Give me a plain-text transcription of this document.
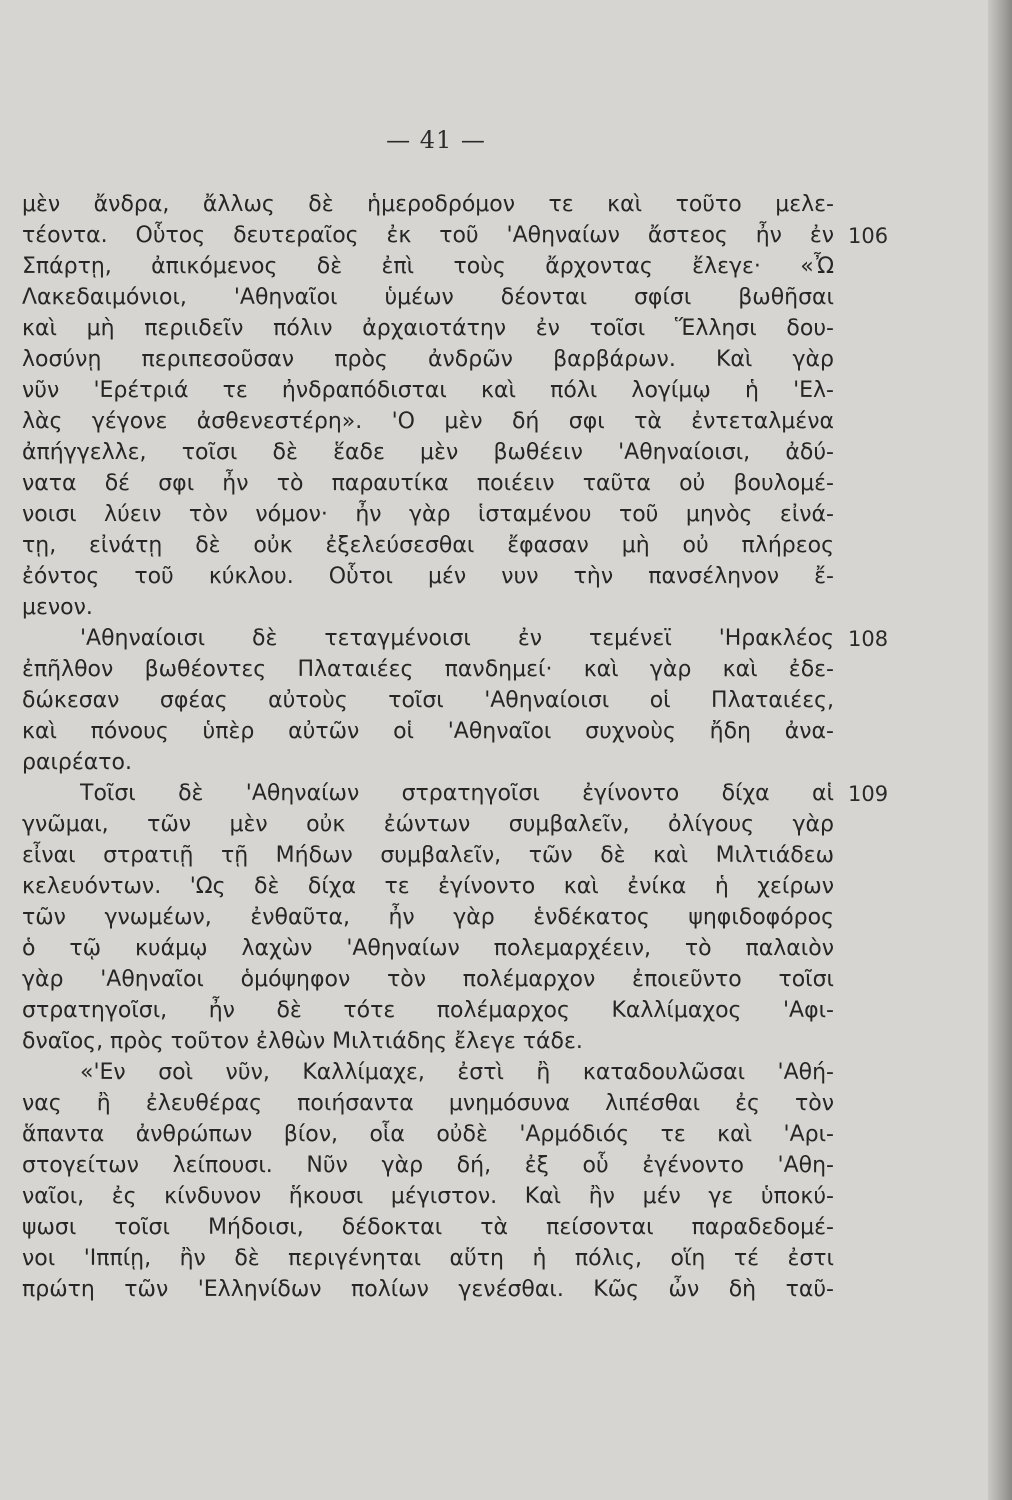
— 41 —
μὲν ἄνδρα, ἄλλως δὲ ἡμεροδρόμον τε καὶ τοῦτο μελε-
τέοντα. Οὗτος δευτεραῖος ἐκ τοῦ 'Αθηναίων ἄστεος ἦν ἐν
Σπάρτῃ, ἀπικόμενος δὲ ἐπὶ τοὺς ἄρχοντας ἔλεγε· «Ὦ
Λακεδαιμόνιοι, 'Αθηναῖοι ὑμέων δέονται σφίσι βωθῆσαι
καὶ μὴ περιιδεῖν πόλιν ἀρχαιοτάτην ἐν τοῖσι Ἕλλησι δου-
λοσύνῃ περιπεσοῦσαν πρὸς ἀνδρῶν βαρβάρων. Καὶ γὰρ
νῦν 'Ερέτριά τε ἠνδραπόδισται καὶ πόλι λογίμῳ ἡ 'Ελ-
λὰς γέγονε ἀσθενεστέρη». 'Ο μὲν δή σφι τὰ ἐντεταλμένα
ἀπήγγελλε, τοῖσι δὲ ἕαδε μὲν βωθέειν 'Αθηναίοισι, ἀδύ-
νατα δέ σφι ἦν τὸ παραυτίκα ποιέειν ταῦτα οὐ βουλομέ-
νοισι λύειν τὸν νόμον· ἦν γὰρ ἱσταμένου τοῦ μηνὸς εἰνά-
τῃ, εἰνάτῃ δὲ οὐκ ἐξελεύσεσθαι ἔφασαν μὴ οὐ πλήρεος
ἐόντος τοῦ κύκλου. Οὗτοι μέν νυν τὴν πανσέληνον ἔ-
μενον.
'Αθηναίοισι δὲ τεταγμένοισι ἐν τεμένεϊ 'Ηρακλέος
ἐπῆλθον βωθέοντες Πλαταιέες πανδημεί· καὶ γὰρ καὶ ἐδε-
δώκεσαν σφέας αὐτοὺς τοῖσι 'Αθηναίοισι οἱ Πλαταιέες,
καὶ πόνους ὑπὲρ αὐτῶν οἱ 'Αθηναῖοι συχνοὺς ἤδη ἀνα-
ραιρέατο.
Τοῖσι δὲ 'Αθηναίων στρατηγοῖσι ἐγίνοντο δίχα αἱ
γνῶμαι, τῶν μὲν οὐκ ἐώντων συμβαλεῖν, ὀλίγους γὰρ
εἶναι στρατιῇ τῇ Μήδων συμβαλεῖν, τῶν δὲ καὶ Μιλτιάδεω
κελευόντων. 'Ως δὲ δίχα τε ἐγίνοντο καὶ ἐνίκα ἡ χείρων
τῶν γνωμέων, ἐνθαῦτα, ἦν γὰρ ἑνδέκατος ψηφιδοφόρος
ὁ τῷ κυάμῳ λαχὼν 'Αθηναίων πολεμαρχέειν, τὸ παλαιὸν
γὰρ 'Αθηναῖοι ὁμόψηφον τὸν πολέμαρχον ἐποιεῦντο τοῖσι
στρατηγοῖσι, ἦν δὲ τότε πολέμαρχος Καλλίμαχος 'Αφι-
δναῖος, πρὸς τοῦτον ἐλθὼν Μιλτιάδης ἔλεγε τάδε.
«'Εν σοὶ νῦν, Καλλίμαχε, ἐστὶ ἢ καταδουλῶσαι 'Αθή-
νας ἢ ἐλευθέρας ποιήσαντα μνημόσυνα λιπέσθαι ἐς τὸν
ἅπαντα ἀνθρώπων βίον, οἷα οὐδὲ 'Αρμόδιός τε καὶ 'Αρι-
στογείτων λείπουσι. Νῦν γὰρ δή, ἐξ οὗ ἐγένοντο 'Αθη-
ναῖοι, ἐς κίνδυνον ἥκουσι μέγιστον. Καὶ ἢν μέν γε ὑποκύ-
ψωσι τοῖσι Μήδοισι, δέδοκται τὰ πείσονται παραδεδομέ-
νοι 'Ιππίῃ, ἢν δὲ περιγένηται αὕτη ἡ πόλις, οἵη τέ ἐστι
πρώτη τῶν 'Ελληνίδων πολίων γενέσθαι. Κῶς ὦν δὴ ταῦ-
106
108
109
